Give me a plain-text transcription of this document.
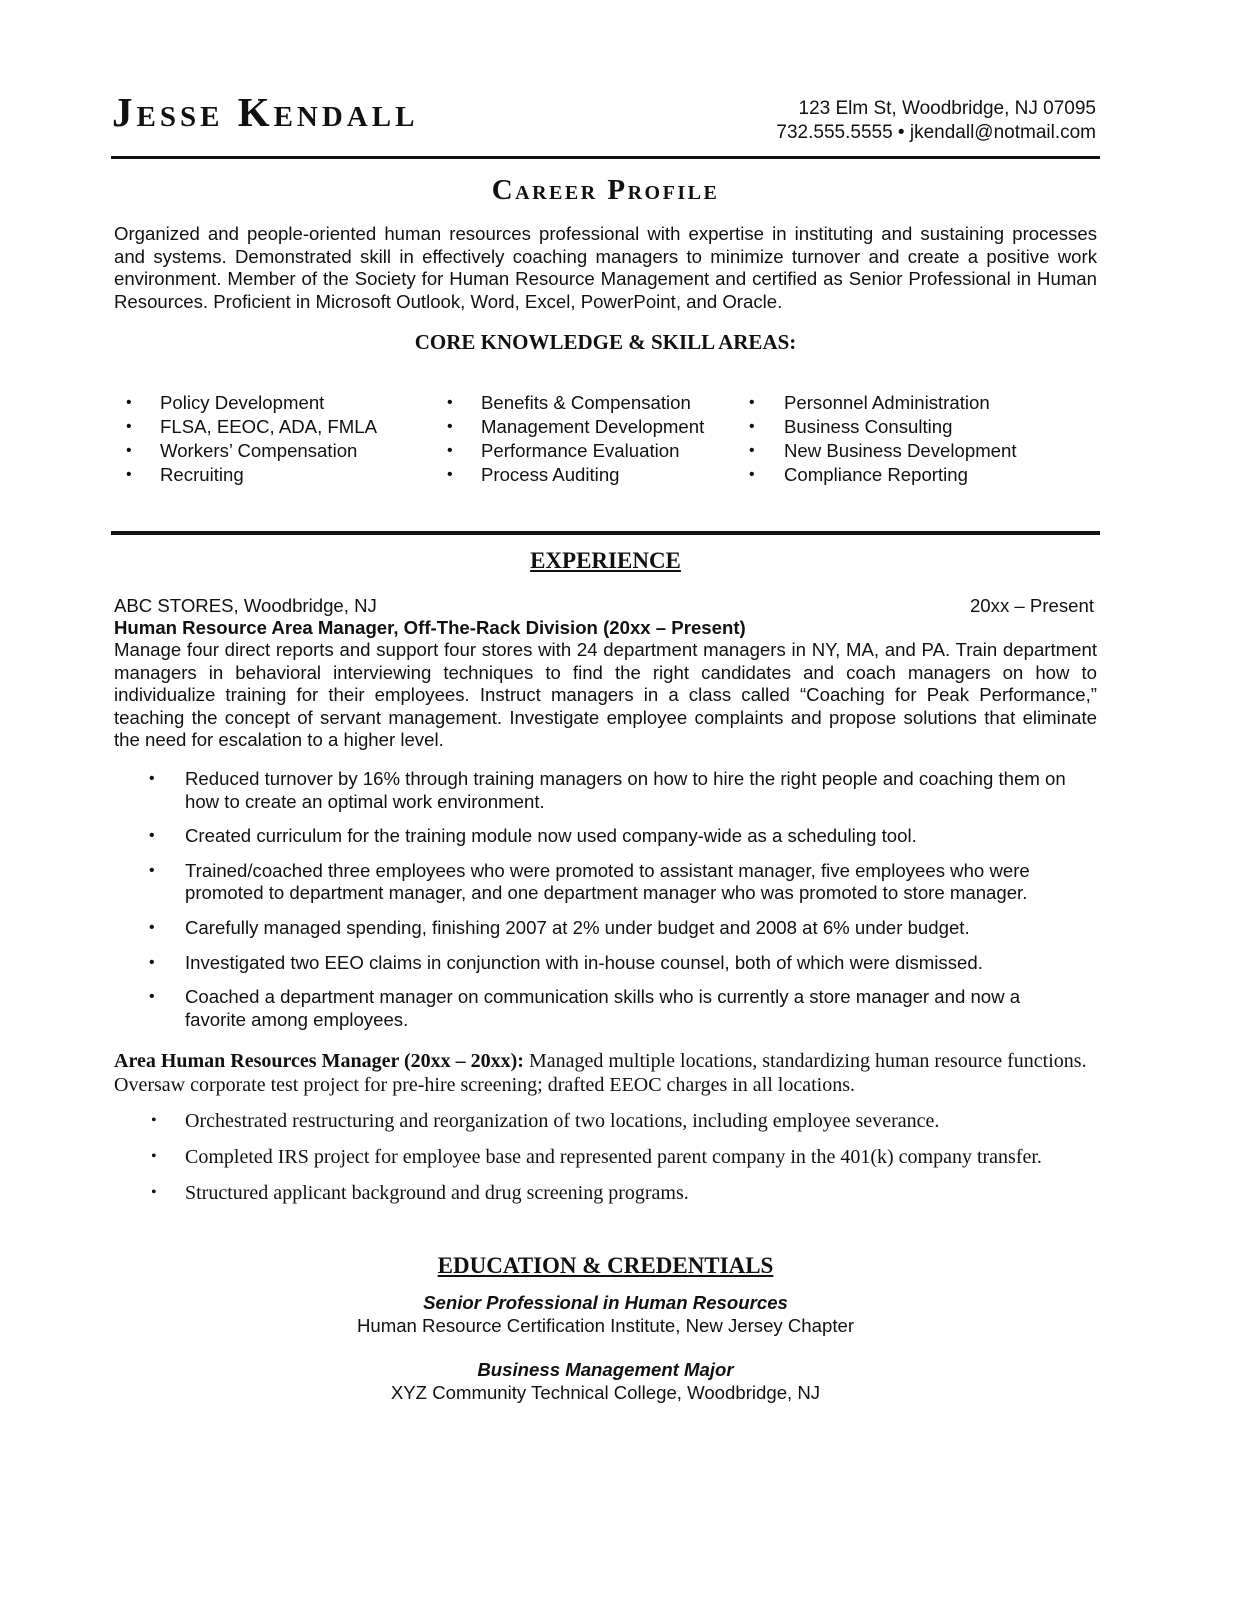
Jesse Kendall	123 Elm St, Woodbridge, NJ 07095
732.555.5555 • jkendall@notmail.com
Career Profile

Organized and people-oriented human resources professional with expertise in instituting and sustaining processes and systems. Demonstrated skill in effectively coaching managers to minimize turnover and create a positive work environment. Member of the Society for Human Resource Management and certified as Senior Professional in Human Resources. Proficient in Microsoft Outlook, Word, Excel, PowerPoint, and Oracle.

CORE KNOWLEDGE & SKILL AREAS:
• Policy Development
• FLSA, EEOC, ADA, FMLA
• Workers’ Compensation
• Recruiting
• Benefits & Compensation
• Management Development
• Performance Evaluation
• Process Auditing
• Personnel Administration
• Business Consulting
• New Business Development
• Compliance Reporting
EXPERIENCE
ABC STORES, Woodbridge, NJ	20xx – Present

Human Resource Area Manager, Off-The-Rack Division (20xx – Present)

Manage four direct reports and support four stores with 24 department managers in NY, MA, and PA. Train department managers in behavioral interviewing techniques to find the right candidates and coach managers on how to individualize training for their employees. Instruct managers in a class called “Coaching for Peak Performance,” teaching the concept of servant management. Investigate employee complaints and propose solutions that eliminate the need for escalation to a higher level.

• Reduced turnover by 16% through training managers on how to hire the right people and coaching them on how to create an optimal work environment.
• Created curriculum for the training module now used company-wide as a scheduling tool.
• Trained/coached three employees who were promoted to assistant manager, five employees who were promoted to department manager, and one department manager who was promoted to store manager.
• Carefully managed spending, finishing 2007 at 2% under budget and 2008 at 6% under budget.
• Investigated two EEO claims in conjunction with in-house counsel, both of which were dismissed.
• Coached a department manager on communication skills who is currently a store manager and now a favorite among employees.

Area Human Resources Manager (20xx – 20xx): Managed multiple locations, standardizing human resource functions. Oversaw corporate test project for pre-hire screening; drafted EEOC charges in all locations.

• Orchestrated restructuring and reorganization of two locations, including employee severance.
• Completed IRS project for employee base and represented parent company in the 401(k) company transfer.
• Structured applicant background and drug screening programs.
EDUCATION & CREDENTIALS
Senior Professional in Human Resources
Human Resource Certification Institute, New Jersey Chapter
Business Management Major
XYZ Community Technical College, Woodbridge, NJ
